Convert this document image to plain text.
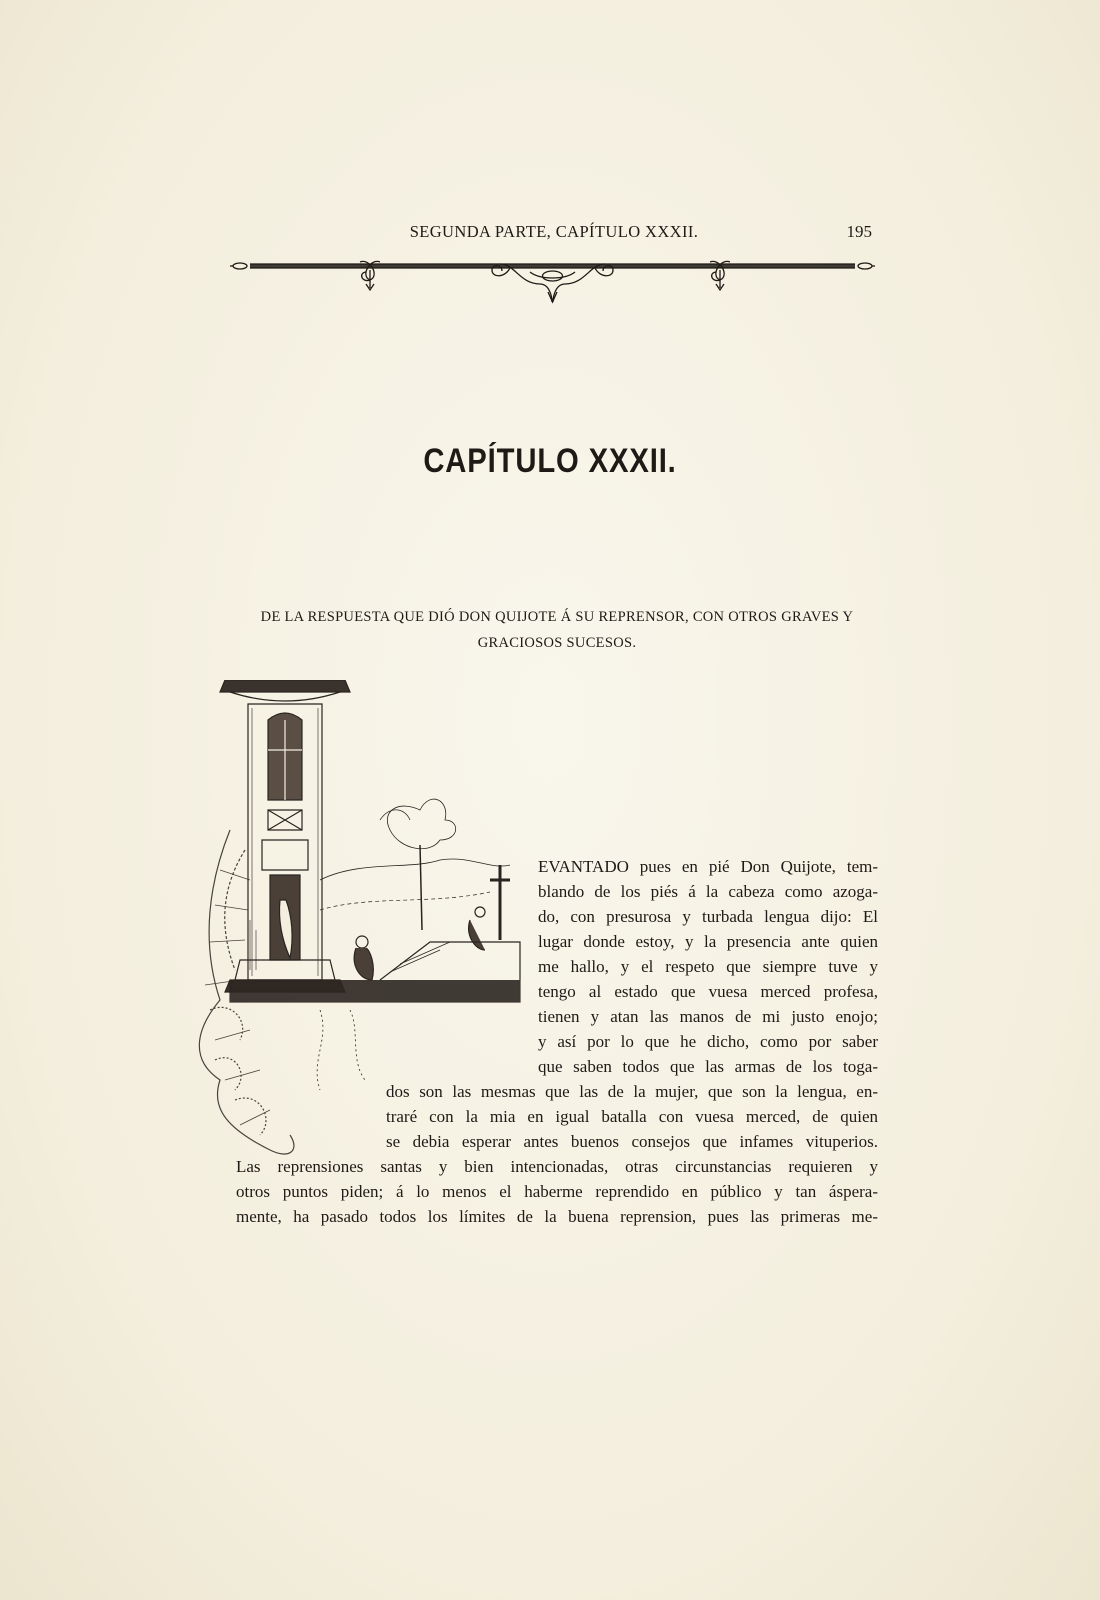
SEGUNDA PARTE, CAPÍTULO XXXII.	195
CAPÍTULO XXXII.
DE LA RESPUESTA QUE DIÓ DON QUIJOTE Á SU REPRENSOR, CON OTROS GRAVES Y GRACIOSOS SUCESOS.
EVANTADO pues en pié Don Quijote, tem-
blando de los piés á la cabeza como azoga-
do, con presurosa y turbada lengua dijo: El
lugar donde estoy, y la presencia ante quien
me hallo, y el respeto que siempre tuve y
tengo al estado que vuesa merced profesa,
tienen y atan las manos de mi justo enojo;
y así por lo que he dicho, como por saber
que saben todos que las armas de los toga-
dos son las mesmas que las de la mujer, que son la lengua, en-
traré con la mia en igual batalla con vuesa merced, de quien
se debia esperar antes buenos consejos que infames vituperios.
Las reprensiones santas y bien intencionadas, otras circunstancias requieren y
otros puntos piden; á lo menos el haberme reprendido en público y tan áspera-
mente, ha pasado todos los límites de la buena reprension, pues las primeras me-
